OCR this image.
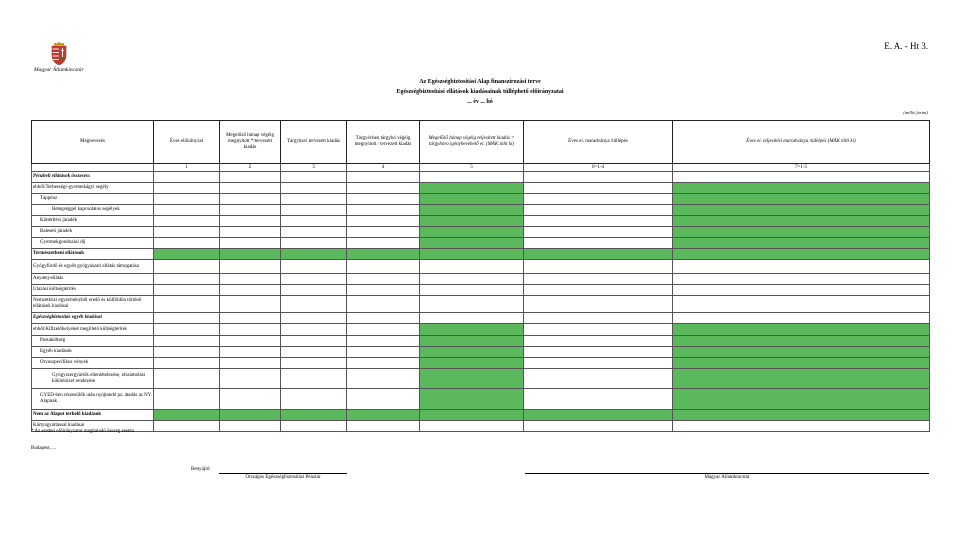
Magyar Államkincstár
E. A. - Ht 3.
Az Egészségbiztosítási Alap finanszírozási terve
Egészségbiztosítási ellátások kiadásainak túlléphető előirányzatai
... év ... hó
(millió forint)
Megnevezés	Éves előirányzat	Megelőző hónap végéig megnyitott */tervezett kiadás	Tárgyhavi tervezett kiadás	Tárgyévben tárgyhó végéig megnyitott / tervezett kiadás	Megelőző hónap végéig teljesített kiadás = tárgyhóra igénybevehető ei. (MÁK tölti ki)	Éves ei. maradványa /túllépés	Éves ei. teljesítési maradványa /túllépés (MÁK tölti ki)
	1	2	3	4	5	6=1-4	7=1-5
Pénzbeli ellátások összesen:							
ebből:Terhességi-gyermekágyi segély							
Táppénz							
Betegséggel kapcsolatos segélyek							
Kártérítési járadék							
Baleseti járadék							
Gyermekgondozási díj							
Természetbeni ellátások							
Gyógyfürdő és egyéb gyógyászati ellátás támogatása							
Anyatej-ellátás							
Utazási költségtérítés							
Nemzetközi egyezményből eredő és külföldön történő ellátások kiadásai							
Egészségbiztosítás egyéb kiadásai							
ebből:Kifizetőhelyeket megillető költségtérítés							
Postaköltség							
Egyéb kiadások							
Orvosspecifikus vények							
Gyógyszergyártók ellentételezése, elszámolási különbözet rendezése							
GYED-ben részesülők után nyújtandó pz. átadás az NY. Alapnak							
Nem az Alapot terhelő kiadások							
Kártyagyártással kiadásai							
* Az eredeti előirányzatot meghaladó összeg esetén
Budapest, ...
Benyújtó:
Országos Egészségbiztosítási Pénztár	Magyar Államkincstár
